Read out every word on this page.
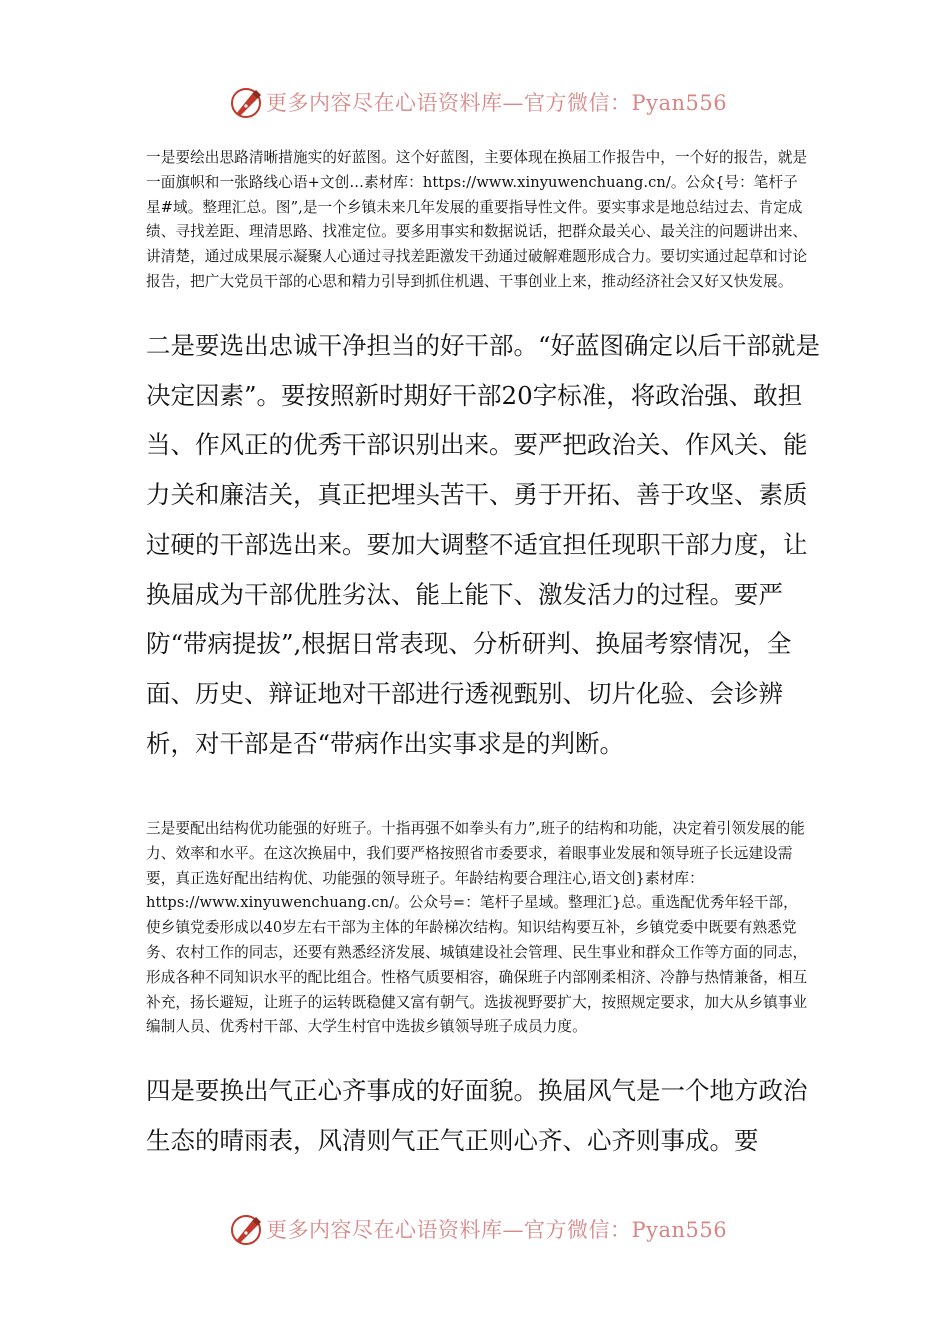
更多内容尽在心语资料库—官方微信：Pyan556

一是要绘出思路清晰措施实的好蓝图。这个好蓝图，主要体现在换届工作报告中，一个好的报告，就是一面旗帜和一张路线心语+文创…素材库：https://www.xinyuwenchuang.cn/。公众{号：笔杆子星#域。整理汇总。图”,是一个乡镇未来几年发展的重要指导性文件。要实事求是地总结过去、肯定成绩、寻找差距、理清思路、找准定位。要多用事实和数据说话，把群众最关心、最关注的问题讲出来、讲清楚，通过成果展示凝聚人心通过寻找差距激发干劲通过破解难题形成合力。要切实通过起草和讨论报告，把广大党员干部的心思和精力引导到抓住机遇、干事创业上来，推动经济社会又好又快发展。

二是要选出忠诚干净担当的好干部。“好蓝图确定以后干部就是决定因素”。要按照新时期好干部20字标准，将政治强、敢担当、作风正的优秀干部识别出来。要严把政治关、作风关、能力关和廉洁关，真正把埋头苦干、勇于开拓、善于攻坚、素质过硬的干部选出来。要加大调整不适宜担任现职干部力度，让换届成为干部优胜劣汰、能上能下、激发活力的过程。要严防“带病提拔”,根据日常表现、分析研判、换届考察情况，全面、历史、辩证地对干部进行透视甄别、切片化验、会诊辨析，对干部是否“带病作出实事求是的判断。

三是要配出结构优功能强的好班子。十指再强不如拳头有力”,班子的结构和功能，决定着引领发展的能力、效率和水平。在这次换届中，我们要严格按照省市委要求，着眼事业发展和领导班子长远建设需要，真正选好配出结构优、功能强的领导班子。年龄结构要合理注心,语文创}素材库：https://www.xinyuwenchuang.cn/。公众号=：笔杆子星域。整理汇}总。重选配优秀年轻干部，使乡镇党委形成以40岁左右干部为主体的年龄梯次结构。知识结构要互补，乡镇党委中既要有熟悉党务、农村工作的同志，还要有熟悉经济发展、城镇建设社会管理、民生事业和群众工作等方面的同志，形成各种不同知识水平的配比组合。性格气质要相容，确保班子内部刚柔相济、冷静与热情兼备，相互补充，扬长避短，让班子的运转既稳健又富有朝气。选拔视野要扩大，按照规定要求，加大从乡镇事业编制人员、优秀村干部、大学生村官中选拔乡镇领导班子成员力度。

四是要换出气正心齐事成的好面貌。换届风气是一个地方政治生态的晴雨表，风清则气正气正则心齐、心齐则事成。要

更多内容尽在心语资料库—官方微信：Pyan556
